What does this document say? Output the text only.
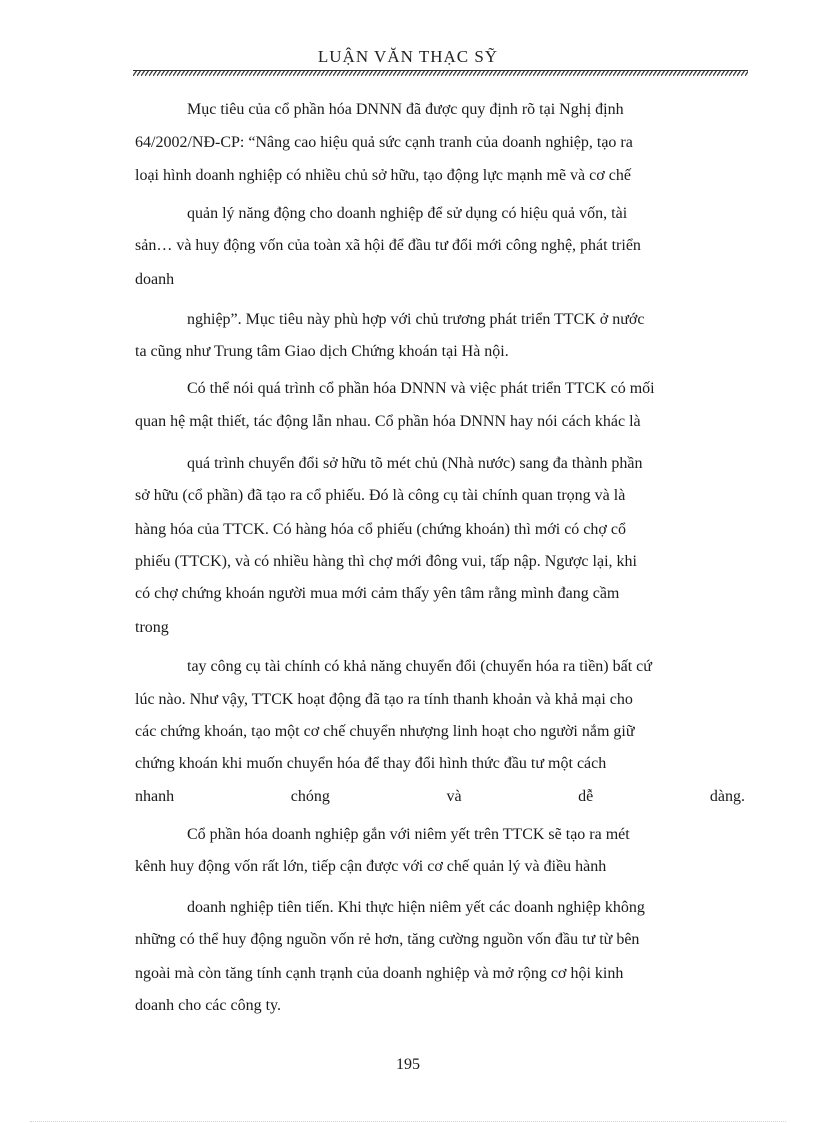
LUẬN VĂN THẠC SỸ
Mục tiêu của cổ phần hóa DNNN đã được quy định rõ tại Nghị định
64/2002/NĐ-CP: “Nâng cao hiệu quả sức cạnh tranh của doanh nghiệp, tạo ra
loại hình doanh nghiệp có nhiều chủ sở hữu, tạo động lực mạnh mẽ và cơ chế
quản lý năng động cho doanh nghiệp để sử dụng có hiệu quả vốn, tài
sản… và huy động vốn của toàn xã hội để đầu tư đổi mới công nghệ, phát triển
doanh
nghiệp”. Mục tiêu này phù hợp với chủ trương phát triển TTCK ở nước
ta cũng như Trung tâm Giao dịch Chứng khoán tại Hà nội.
Có thể nói quá trình cổ phần hóa DNNN và việc phát triển TTCK có mối
quan hệ mật thiết, tác động lẫn nhau. Cổ phần hóa DNNN hay nói cách khác là
quá trình chuyển đổi sở hữu tõ mét chủ (Nhà nước) sang đa thành phần
sở hữu (cổ phần) đã tạo ra cổ phiếu. Đó là công cụ tài chính quan trọng và là
hàng hóa của TTCK. Có hàng hóa cổ phiếu (chứng khoán) thì mới có chợ cổ
phiếu (TTCK), và có nhiều hàng thì chợ mới đông vui, tấp nập. Ngược lại, khi
có chợ chứng khoán người mua mới cảm thấy yên tâm rằng mình đang cầm
trong
tay công cụ tài chính có khả năng chuyển đổi (chuyển hóa ra tiền) bất cứ
lúc nào. Như vậy, TTCK hoạt động đã tạo ra tính thanh khoản và khả mại cho
các chứng khoán, tạo một cơ chế chuyển nhượng linh hoạt cho người nắm giữ
chứng khoán khi muốn chuyển hóa để thay đổi hình thức đầu tư một cách
nhanh	chóng	và	dễ	dàng.
Cổ phần hóa doanh nghiệp gắn với niêm yết trên TTCK sẽ tạo ra mét
kênh huy động vốn rất lớn, tiếp cận được với cơ chế quản lý và điều hành
doanh nghiệp tiên tiến. Khi thực hiện niêm yết các doanh nghiệp không
những có thể huy động nguồn vốn rẻ hơn, tăng cường nguồn vốn đầu tư từ bên
ngoài mà còn tăng tính cạnh trạnh của doanh nghiệp và mở rộng cơ hội kinh
doanh cho các công ty.
195
